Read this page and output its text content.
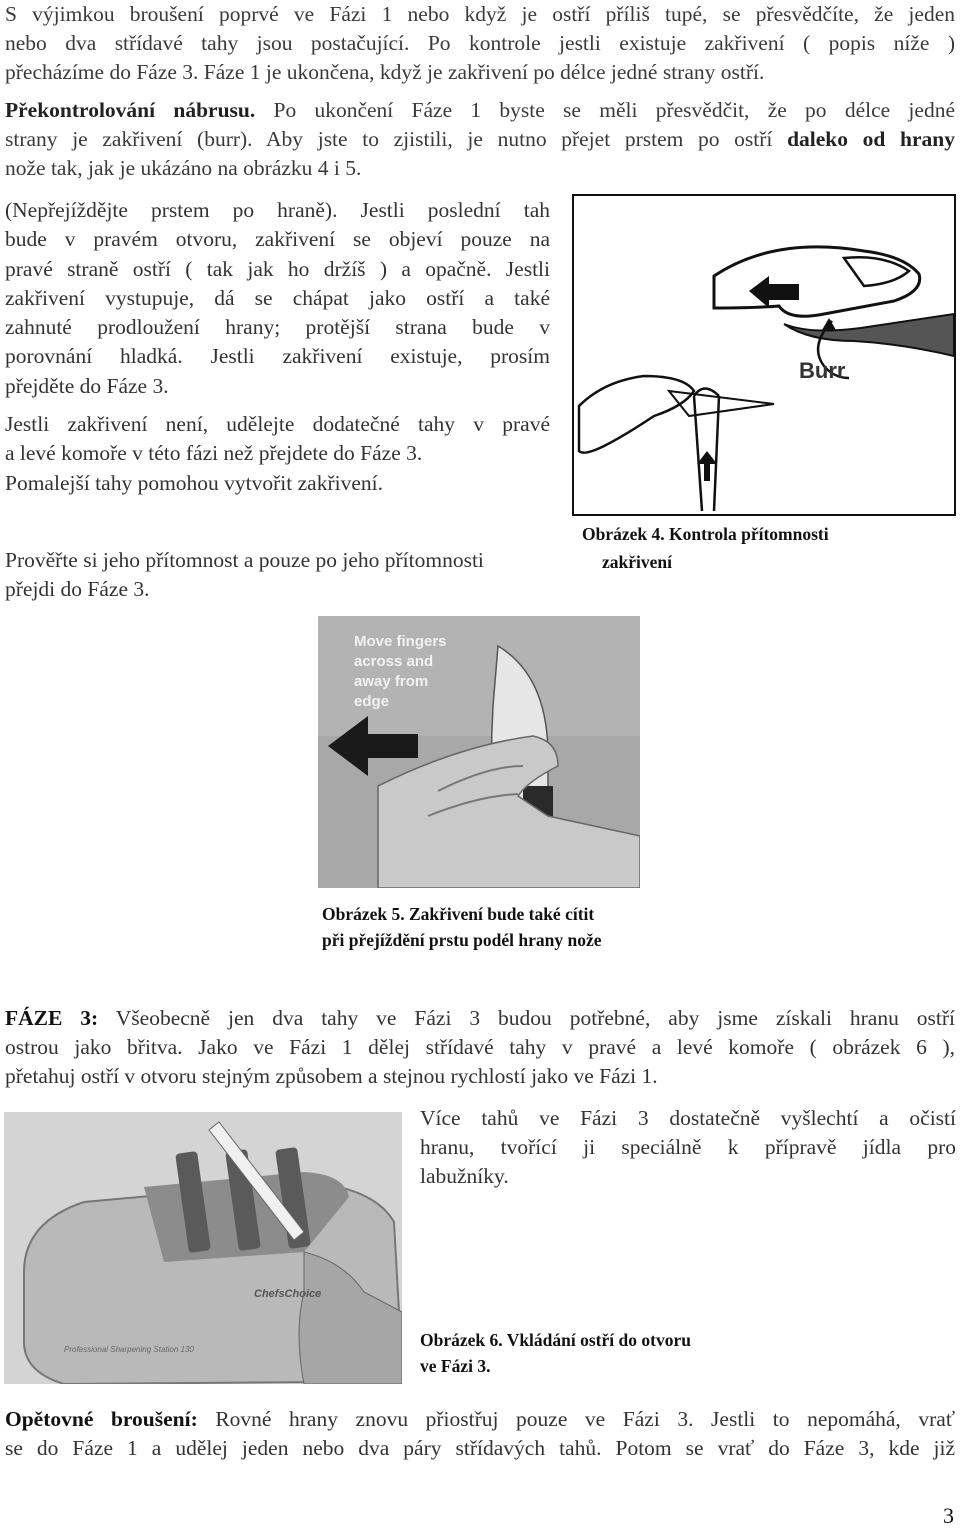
S výjimkou broušení poprvé ve Fázi 1 nebo když je ostří příliš tupé, se přesvědčíte, že jeden
nebo dva střídavé tahy jsou postačující. Po kontrole jestli existuje zakřivení ( popis níže )
přecházíme do Fáze 3. Fáze 1 je ukončena, když je zakřivení po délce jedné strany ostří.
Překontrolování nábrusu. Po ukončení Fáze 1 byste se měli přesvědčit, že po délce jedné
strany je zakřivení (burr). Aby jste to zjistili, je nutno přejet prstem po ostří daleko od hrany
nože tak, jak je ukázáno na obrázku 4 i 5.

(Nepřejíždějte prstem po hraně). Jestli poslední tah

bude v pravém otvoru, zakřivení se objeví pouze na

pravé straně ostří ( tak jak ho držíš ) a opačně. Jestli

zakřivení vystupuje, dá se chápat jako ostří a také

zahnuté prodloužení hrany; protější strana bude v

porovnání hladká. Jestli zakřivení existuje, prosím

přejděte do Fáze 3.

Jestli zakřivení není, udělejte dodatečné tahy v pravé

a levé komoře v této fázi než přejdete do Fáze 3.

Pomalejší tahy pomohou vytvořit zakřivení.

Prověřte si jeho přítomnost a pouze po jeho přítomnosti

přejdi do Fáze 3.

Burr
Obrázek 4. Kontrola přítomnosti
zakřivení
Move fingers
across and
away from
edge
Obrázek 5. Zakřivení bude také cítit
při přejíždění prstu podél hrany nože
FÁZE 3: Všeobecně jen dva tahy ve Fázi 3 budou potřebné, aby jsme získali hranu ostří
ostrou jako břitva. Jako ve Fázi 1 dělej střídavé tahy v pravé a levé komoře ( obrázek 6 ),
přetahuj ostří v otvoru stejným způsobem a stejnou rychlostí jako ve Fázi 1.
Více tahů ve Fázi 3 dostatečně vyšlechtí a očistí
hranu, tvořící ji speciálně k přípravě jídla pro
labužníky.
ChefsChoice
Professional Sharpening Station 130	Obrázek 6. Vkládání ostří do otvoru
ve Fázi 3.
Opětovné broušení: Rovné hrany znovu přiostřuj pouze ve Fázi 3. Jestli to nepomáhá, vrať
se do Fáze 1 a udělej jeden nebo dva páry střídavých tahů. Potom se vrať do Fáze 3, kde již
3
